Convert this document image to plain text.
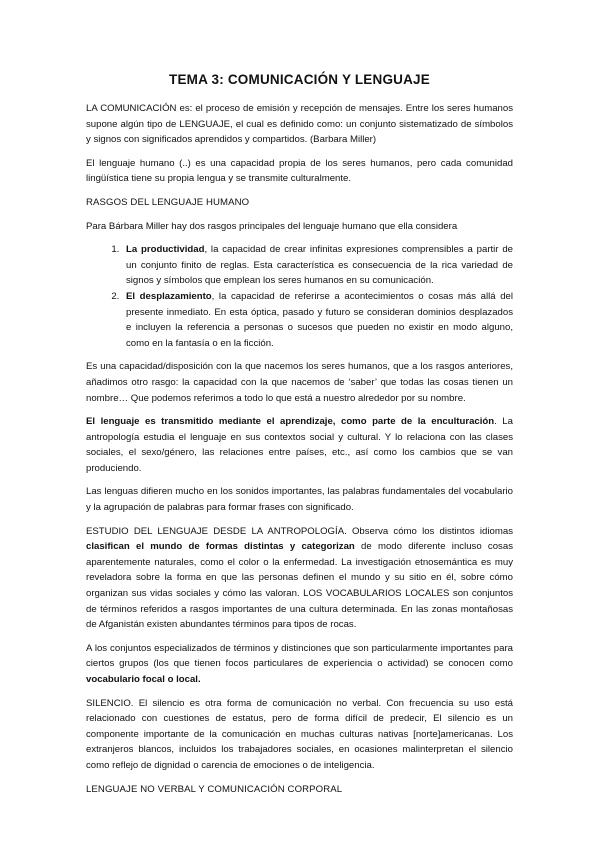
TEMA 3: COMUNICACIÓN Y LENGUAJE

LA COMUNICACIÓN es: el proceso de emisión y recepción de mensajes. Entre los seres humanos supone algún tipo de LENGUAJE, el cual es definido como: un conjunto sistematizado de símbolos y signos con significados aprendidos y compartidos. (Barbara Miller)

El lenguaje humano (..) es una capacidad propia de los seres humanos, pero cada comunidad lingüística tiene su propia lengua y se transmite culturalmente.

RASGOS DEL LENGUAJE HUMANO

Para Bárbara Miller hay dos rasgos principales del lenguaje humano que ella considera

1. La productividad, la capacidad de crear infinitas expresiones comprensibles a partir de un conjunto finito de reglas. Esta característica es consecuencia de la rica variedad de signos y símbolos que emplean los seres humanos en su comunicación.
2. El desplazamiento, la capacidad de referirse a acontecimientos o cosas más allá del presente inmediato. En esta óptica, pasado y futuro se consideran dominios desplazados e incluyen la referencia a personas o sucesos que pueden no existir en modo alguno, como en la fantasía o en la ficción.

Es una capacidad/disposición con la que nacemos los seres humanos, que a los rasgos anteriores, añadimos otro rasgo: la capacidad con la que nacemos de ‘saber’ que todas las cosas tienen un nombre… Que podemos referimos a todo lo que está a nuestro alrededor por su nombre.

El lenguaje es transmitido mediante el aprendizaje, como parte de la enculturación. La antropología estudia el lenguaje en sus contextos social y cultural. Y lo relaciona con las clases sociales, el sexo/género, las relaciones entre países, etc., así como los cambios que se van produciendo.

Las lenguas difieren mucho en los sonidos importantes, las palabras fundamentales del vocabulario y la agrupación de palabras para formar frases con significado.

ESTUDIO DEL LENGUAJE DESDE LA ANTROPOLOGÍA. Observa cómo los distintos idiomas clasifican el mundo de formas distintas y categorizan de modo diferente incluso cosas aparentemente naturales, como el color o la enfermedad. La investigación etnosemántica es muy reveladora sobre la forma en que las personas definen el mundo y su sitio en él, sobre cómo organizan sus vidas sociales y cómo las valoran. LOS VOCABULARIOS LOCALES son conjuntos de términos referidos a rasgos importantes de una cultura determinada. En las zonas montañosas de Afganistán existen abundantes términos para tipos de rocas.

A los conjuntos especializados de términos y distinciones que son particularmente importantes para ciertos grupos (los que tienen focos particulares de experiencia o actividad) se conocen como vocabulario focal o local.

SILENCIO. El silencio es otra forma de comunicación no verbal. Con frecuencia su uso está relacionado con cuestiones de estatus, pero de forma difícil de predecir, El silencio es un componente importante de la comunicación en muchas culturas nativas [norte]americanas. Los extranjeros blancos, incluidos los trabajadores sociales, en ocasiones malinterpretan el silencio como reflejo de dignidad o carencia de emociones o de inteligencia.

LENGUAJE NO VERBAL Y COMUNICACIÓN CORPORAL
